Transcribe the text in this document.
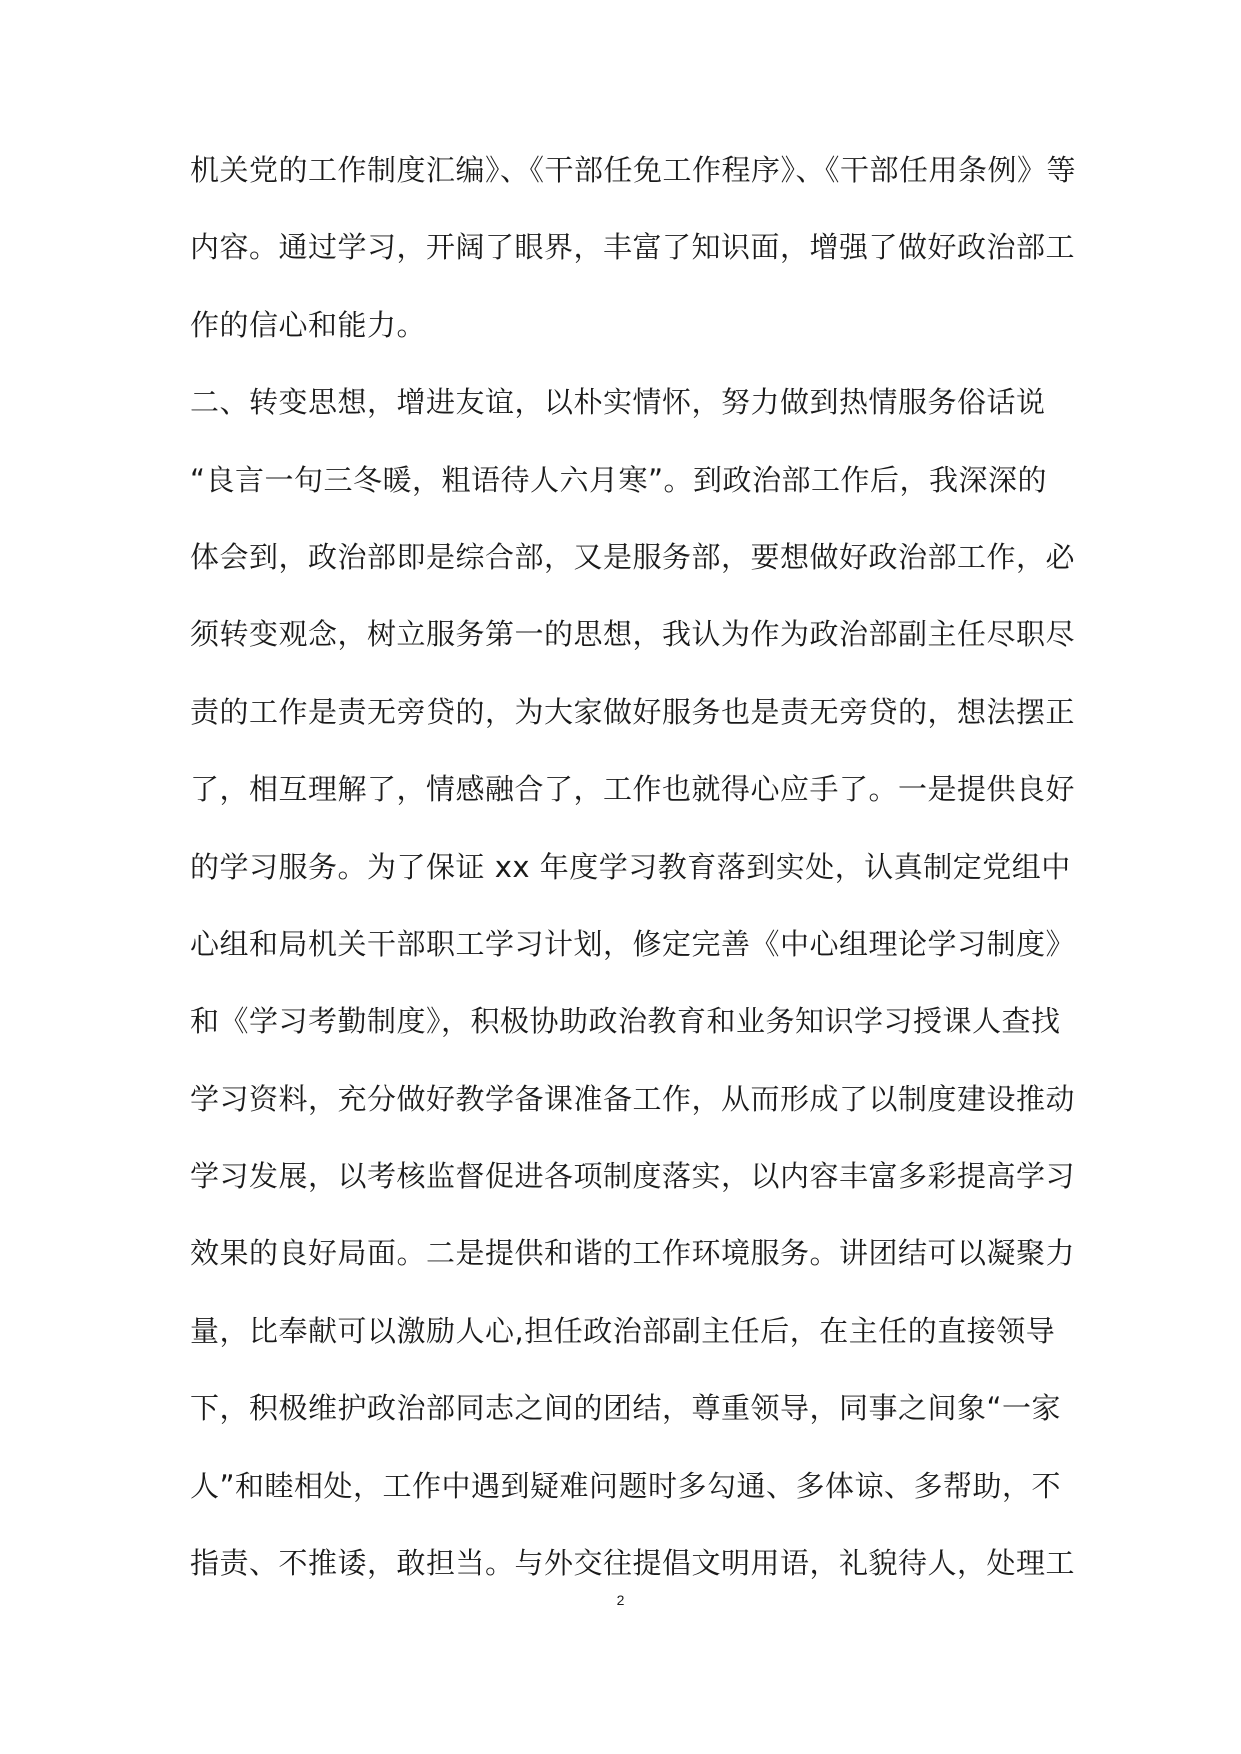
机关党的工作制度汇编》、《干部任免工作程序》、《干部任用条例》等
内容。通过学习，开阔了眼界，丰富了知识面，增强了做好政治部工
作的信心和能力。
二、转变思想，增进友谊，以朴实情怀，努力做到热情服务俗话说
“良言一句三冬暖，粗语待人六月寒”。到政治部工作后，我深深的
体会到，政治部即是综合部，又是服务部，要想做好政治部工作，必
须转变观念，树立服务第一的思想，我认为作为政治部副主任尽职尽
责的工作是责无旁贷的，为大家做好服务也是责无旁贷的，想法摆正
了，相互理解了，情感融合了，工作也就得心应手了。一是提供良好
的学习服务。为了保证 xx 年度学习教育落到实处，认真制定党组中
心组和局机关干部职工学习计划，修定完善《中心组理论学习制度》
和《学习考勤制度》，积极协助政治教育和业务知识学习授课人查找
学习资料，充分做好教学备课准备工作，从而形成了以制度建设推动
学习发展，以考核监督促进各项制度落实，以内容丰富多彩提高学习
效果的良好局面。二是提供和谐的工作环境服务。讲团结可以凝聚力
量，比奉献可以激励人心,担任政治部副主任后，在主任的直接领导
下，积极维护政治部同志之间的团结，尊重领导，同事之间象“一家
人”和睦相处，工作中遇到疑难问题时多勾通、多体谅、多帮助，不
指责、不推诿，敢担当。与外交往提倡文明用语，礼貌待人，处理工
2
